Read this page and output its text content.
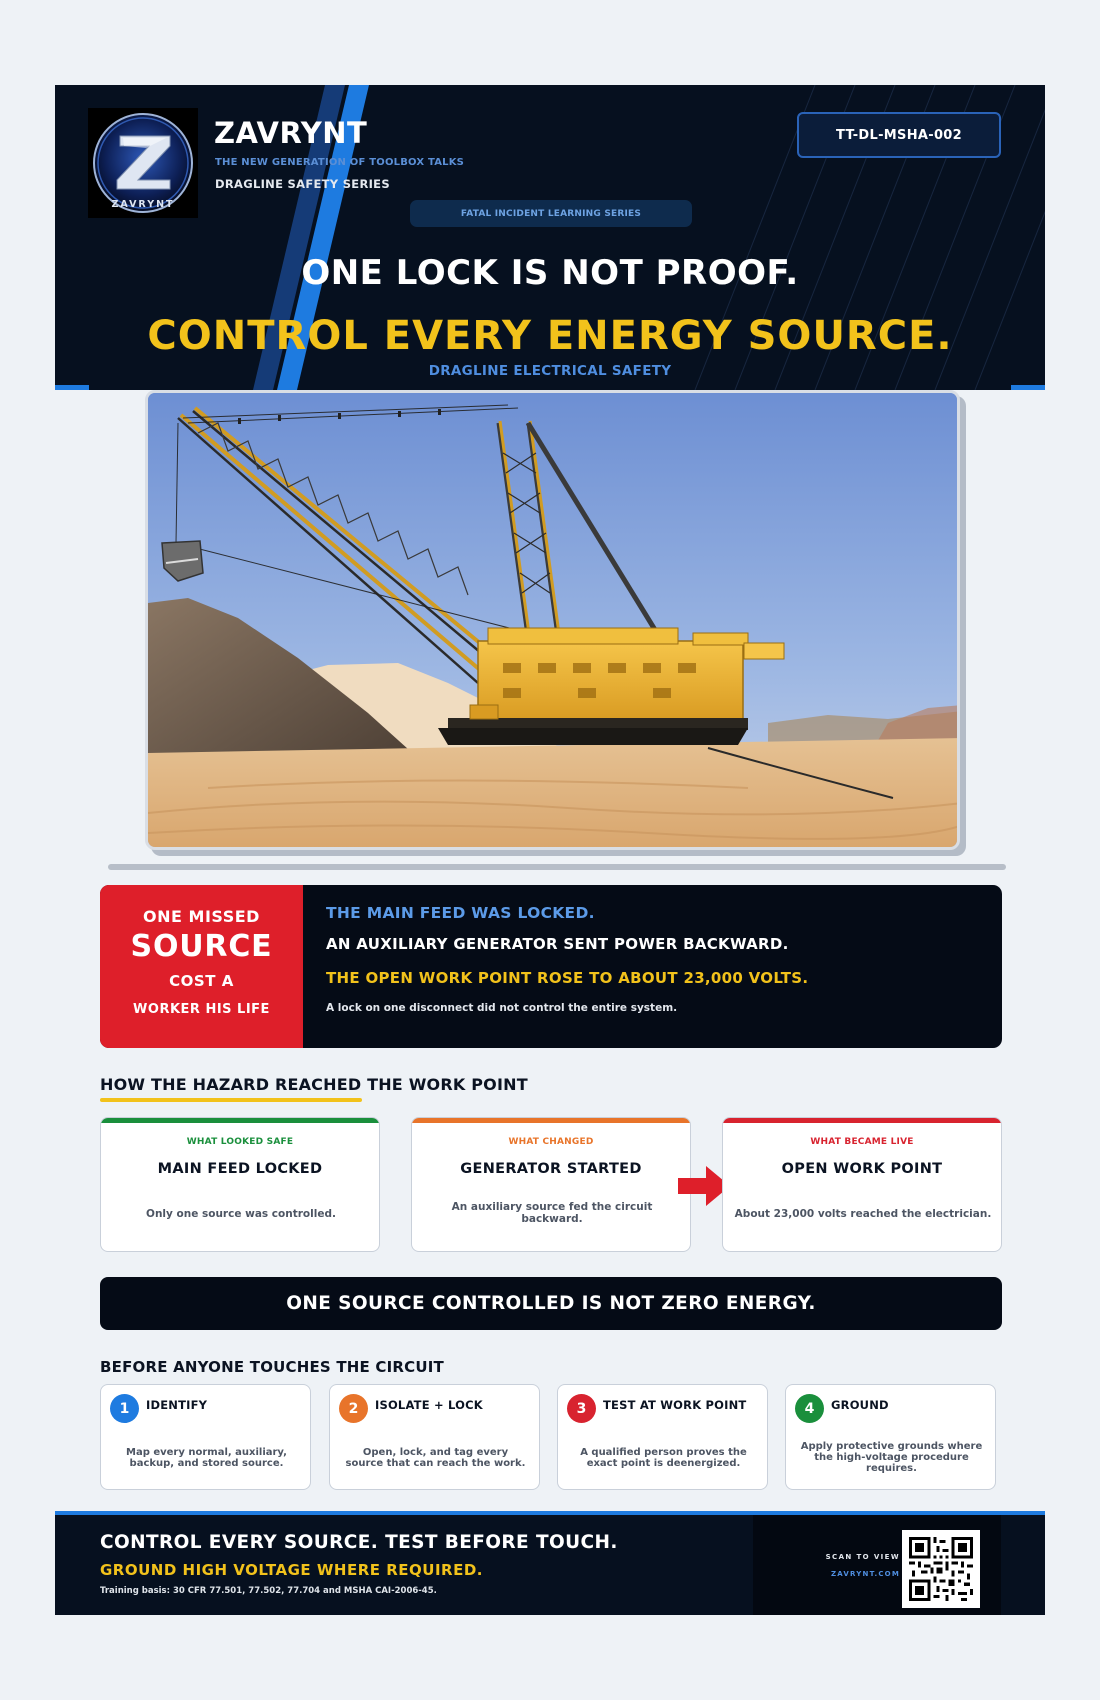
ZAVRYNT
ZAVRYNT
THE NEW GENERATION OF TOOLBOX TALKS
DRAGLINE SAFETY SERIES
TT-DL-MSHA-002
FATAL INCIDENT LEARNING SERIES
ONE LOCK IS NOT PROOF.
CONTROL EVERY ENERGY SOURCE.
DRAGLINE ELECTRICAL SAFETY
ONE MISSED
SOURCE
COST A
WORKER HIS LIFE
THE MAIN FEED WAS LOCKED.
AN AUXILIARY GENERATOR SENT POWER BACKWARD.
THE OPEN WORK POINT ROSE TO ABOUT 23,000 VOLTS.
A lock on one disconnect did not control the entire system.
HOW THE HAZARD REACHED THE WORK POINT
WHAT LOOKED SAFE
MAIN FEED LOCKED
Only one source was controlled.
WHAT CHANGED
GENERATOR STARTED
An auxiliary source fed the circuit backward.
WHAT BECAME LIVE
OPEN WORK POINT
About 23,000 volts reached the electrician.
ONE SOURCE CONTROLLED IS NOT ZERO ENERGY.
BEFORE ANYONE TOUCHES THE CIRCUIT
1	IDENTIFY
Map every normal, auxiliary, backup, and stored source.
2	ISOLATE + LOCK
Open, lock, and tag every source that can reach the work.
3	TEST AT WORK POINT
A qualified person proves the exact point is deenergized.
4	GROUND
Apply protective grounds where the high-voltage procedure requires.
CONTROL EVERY SOURCE. TEST BEFORE TOUCH.
GROUND HIGH VOLTAGE WHERE REQUIRED.
Training basis: 30 CFR 77.501, 77.502, 77.704 and MSHA CAI-2006-45.
SCAN TO VIEW
ZAVRYNT.COM
